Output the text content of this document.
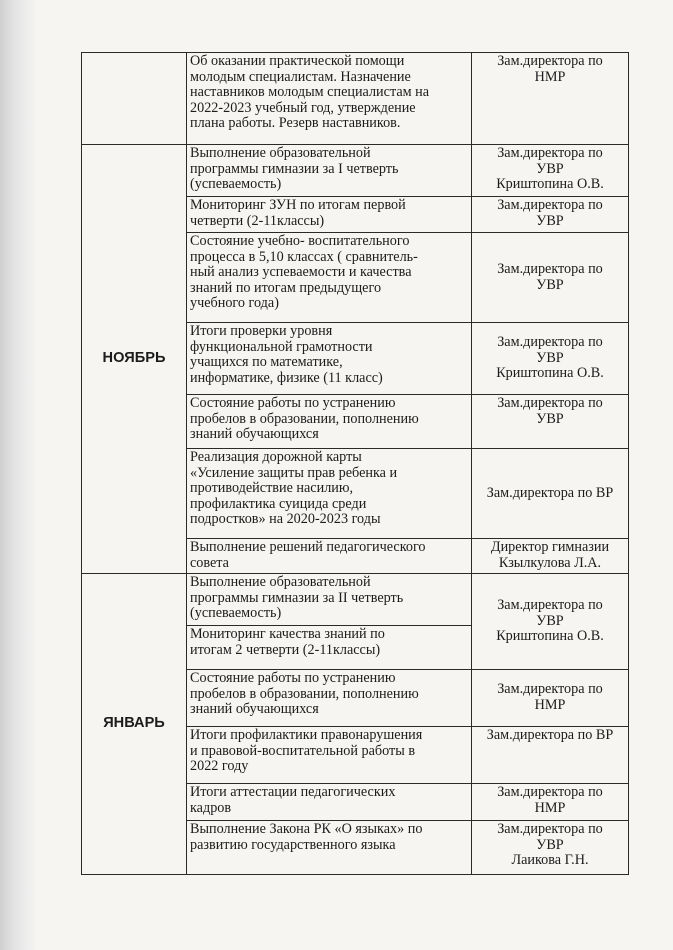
	Об оказании практической помощи
молодым специалистам. Назначение
наставников молодым специалистам на
2022-2023 учебный год, утверждение
плана работы. Резерв наставников.	Зам.директора по
НМР

НОЯБРЬ	Выполнение образовательной
программы гимназии за I четверть
(успеваемость)	Зам.директора по
УВР
Криштопина О.В.

	Мониторинг ЗУН по итогам первой
четверти (2-11классы)	Зам.директора по
УВР

	Состояние учебно- воспитательного
процесса в 5,10 классах ( сравнитель-
ный анализ успеваемости и качества
знаний по итогам предыдущего
учебного года)	Зам.директора по
УВР

	Итоги проверки уровня
функциональной грамотности
учащихся по математике,
информатике, физике (11 класс)	Зам.директора по
УВР
Криштопина О.В.

	Состояние работы по устранению
пробелов в образовании, пополнению
знаний обучающихся	Зам.директора по
УВР

	Реализация дорожной карты
«Усиление защиты прав ребенка и
противодействие насилию,
профилактика суицида среди
подростков» на 2020-2023 годы	Зам.директора по ВР

	Выполнение решений педагогического
совета	Директор гимназии
Кзылкулова Л.А.

ЯНВАРЬ	Выполнение образовательной
программы гимназии за II четверть
(успеваемость)	Зам.директора по
УВР
Криштопина О.В.

	Мониторинг качества знаний по
итогам 2 четверти (2-11классы)	

	Состояние работы по устранению
пробелов в образовании, пополнению
знаний обучающихся	Зам.директора по
НМР

	Итоги профилактики правонарушения
и правовой-воспитательной работы в
2022 году	Зам.директора по ВР

	Итоги аттестации педагогических
кадров	Зам.директора по
НМР

	Выполнение Закона РК «О языках» по
развитию государственного языка	Зам.директора по
УВР
Лаикова Г.Н.
